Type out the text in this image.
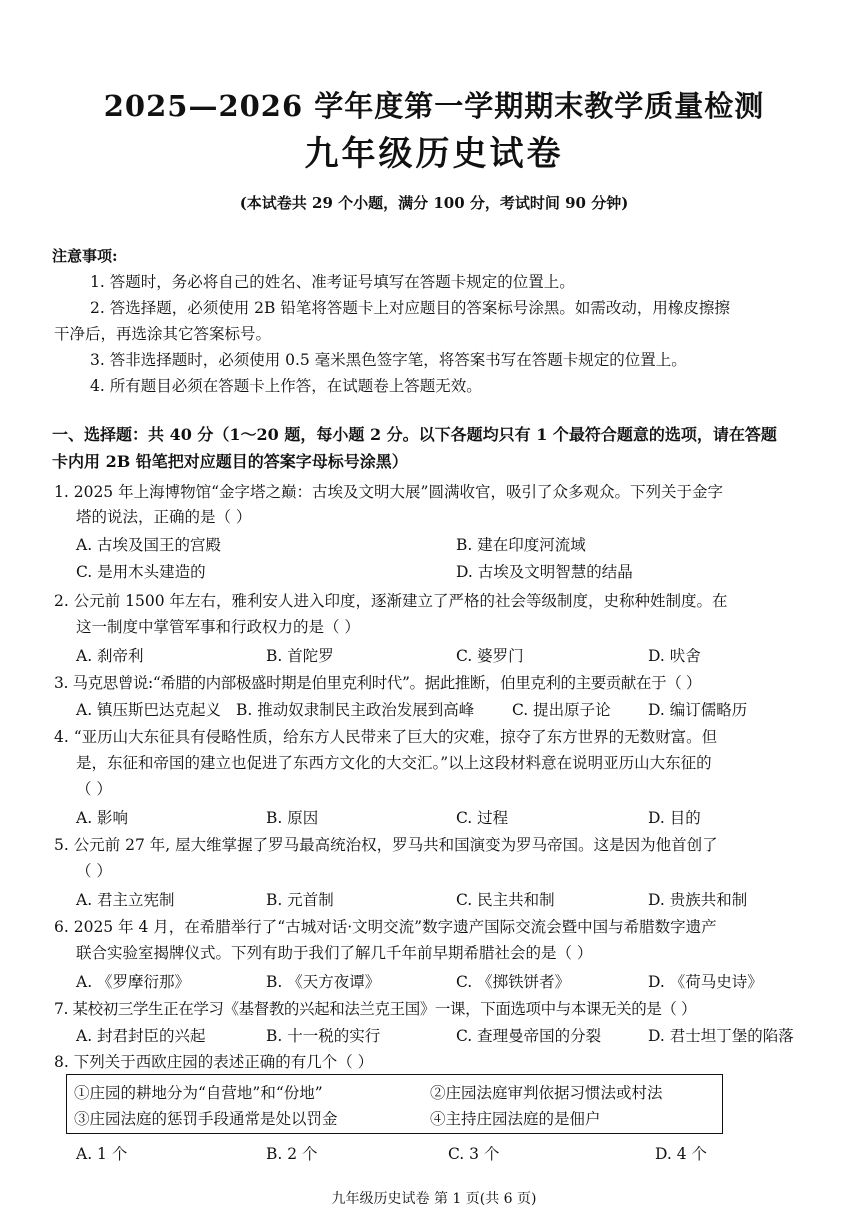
2025—2026 学年度第一学期期末教学质量检测
九年级历史试卷
(本试卷共 29 个小题，满分 100 分，考试时间 90 分钟)
注意事项:
1. 答题时，务必将自己的姓名、准考证号填写在答题卡规定的位置上。
2. 答选择题，必须使用 2B 铅笔将答题卡上对应题目的答案标号涂黑。如需改动，用橡皮擦擦
干净后，再选涂其它答案标号。
3. 答非选择题时，必须使用 0.5 毫米黑色签字笔，将答案书写在答题卡规定的位置上。
4. 所有题目必须在答题卡上作答，在试题卷上答题无效。
一、选择题：共 40 分（1～20 题，每小题 2 分。以下各题均只有 1 个最符合题意的选项，请在答题
卡内用 2B 铅笔把对应题目的答案字母标号涂黑）
1. 2025 年上海博物馆“金字塔之巅：古埃及文明大展”圆满收官，吸引了众多观众。下列关于金字
塔的说法，正确的是（ ）
A. 古埃及国王的宫殿	B. 建在印度河流域
C. 是用木头建造的	D. 古埃及文明智慧的结晶
2. 公元前 1500 年左右，雅利安人进入印度，逐渐建立了严格的社会等级制度，史称种姓制度。在
这一制度中掌管军事和行政权力的是（ ）
A. 刹帝利	B. 首陀罗	C. 婆罗门	D. 吠舍
3. 马克思曾说:“希腊的内部极盛时期是伯里克利时代”。据此推断，伯里克利的主要贡献在于（ ）
A. 镇压斯巴达克起义 B. 推动奴隶制民主政治发展到高峰 C. 提出原子论 D. 编订儒略历
4. “亚历山大东征具有侵略性质，给东方人民带来了巨大的灾难，掠夺了东方世界的无数财富。但
是，东征和帝国的建立也促进了东西方文化的大交汇。”以上这段材料意在说明亚历山大东征的
（ ）
A. 影响	B. 原因	C. 过程	D. 目的
5. 公元前 27 年, 屋大维掌握了罗马最高统治权，罗马共和国演变为罗马帝国。这是因为他首创了
（ ）
A. 君主立宪制	B. 元首制	C. 民主共和制	D. 贵族共和制
6. 2025 年 4 月，在希腊举行了“古城对话·文明交流”数字遗产国际交流会暨中国与希腊数字遗产
联合实验室揭牌仪式。下列有助于我们了解几千年前早期希腊社会的是（ ）
A. 《罗摩衍那》	B. 《天方夜谭》	C. 《掷铁饼者》	D. 《荷马史诗》
7. 某校初三学生正在学习《基督教的兴起和法兰克王国》一课，下面选项中与本课无关的是（ ）
A. 封君封臣的兴起	B. 十一税的实行	C. 查理曼帝国的分裂	D. 君士坦丁堡的陷落
8. 下列关于西欧庄园的表述正确的有几个（ ）
①庄园的耕地分为“自营地”和“份地”	②庄园法庭审判依据习惯法或村法
③庄园法庭的惩罚手段通常是处以罚金	④主持庄园法庭的是佃户
A. 1 个	B. 2 个	C. 3 个	D. 4 个
九年级历史试卷 第 1 页(共 6 页)
